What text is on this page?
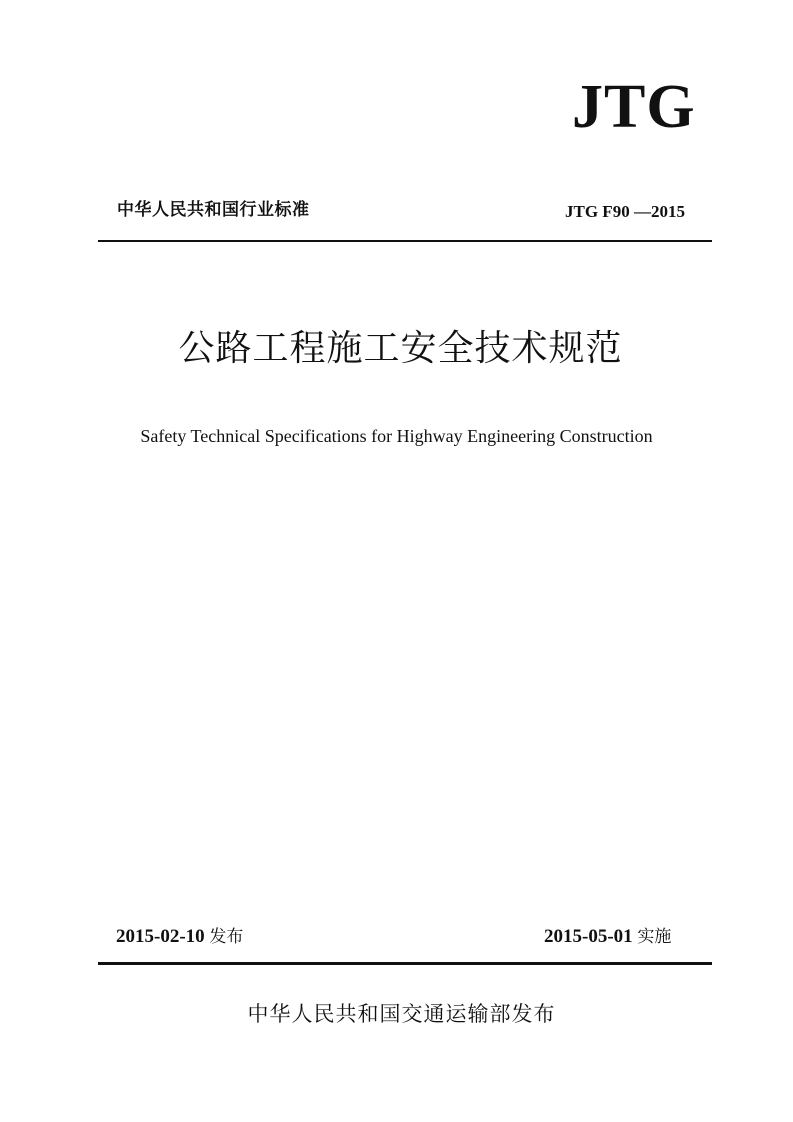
JTG
中华人民共和国行业标准	JTG F90 —2015
公路工程施工安全技术规范
Safety Technical Specifications for Highway Engineering Construction
2015-02-10 发布	2015-05-01 实施
中华人民共和国交通运输部发布
